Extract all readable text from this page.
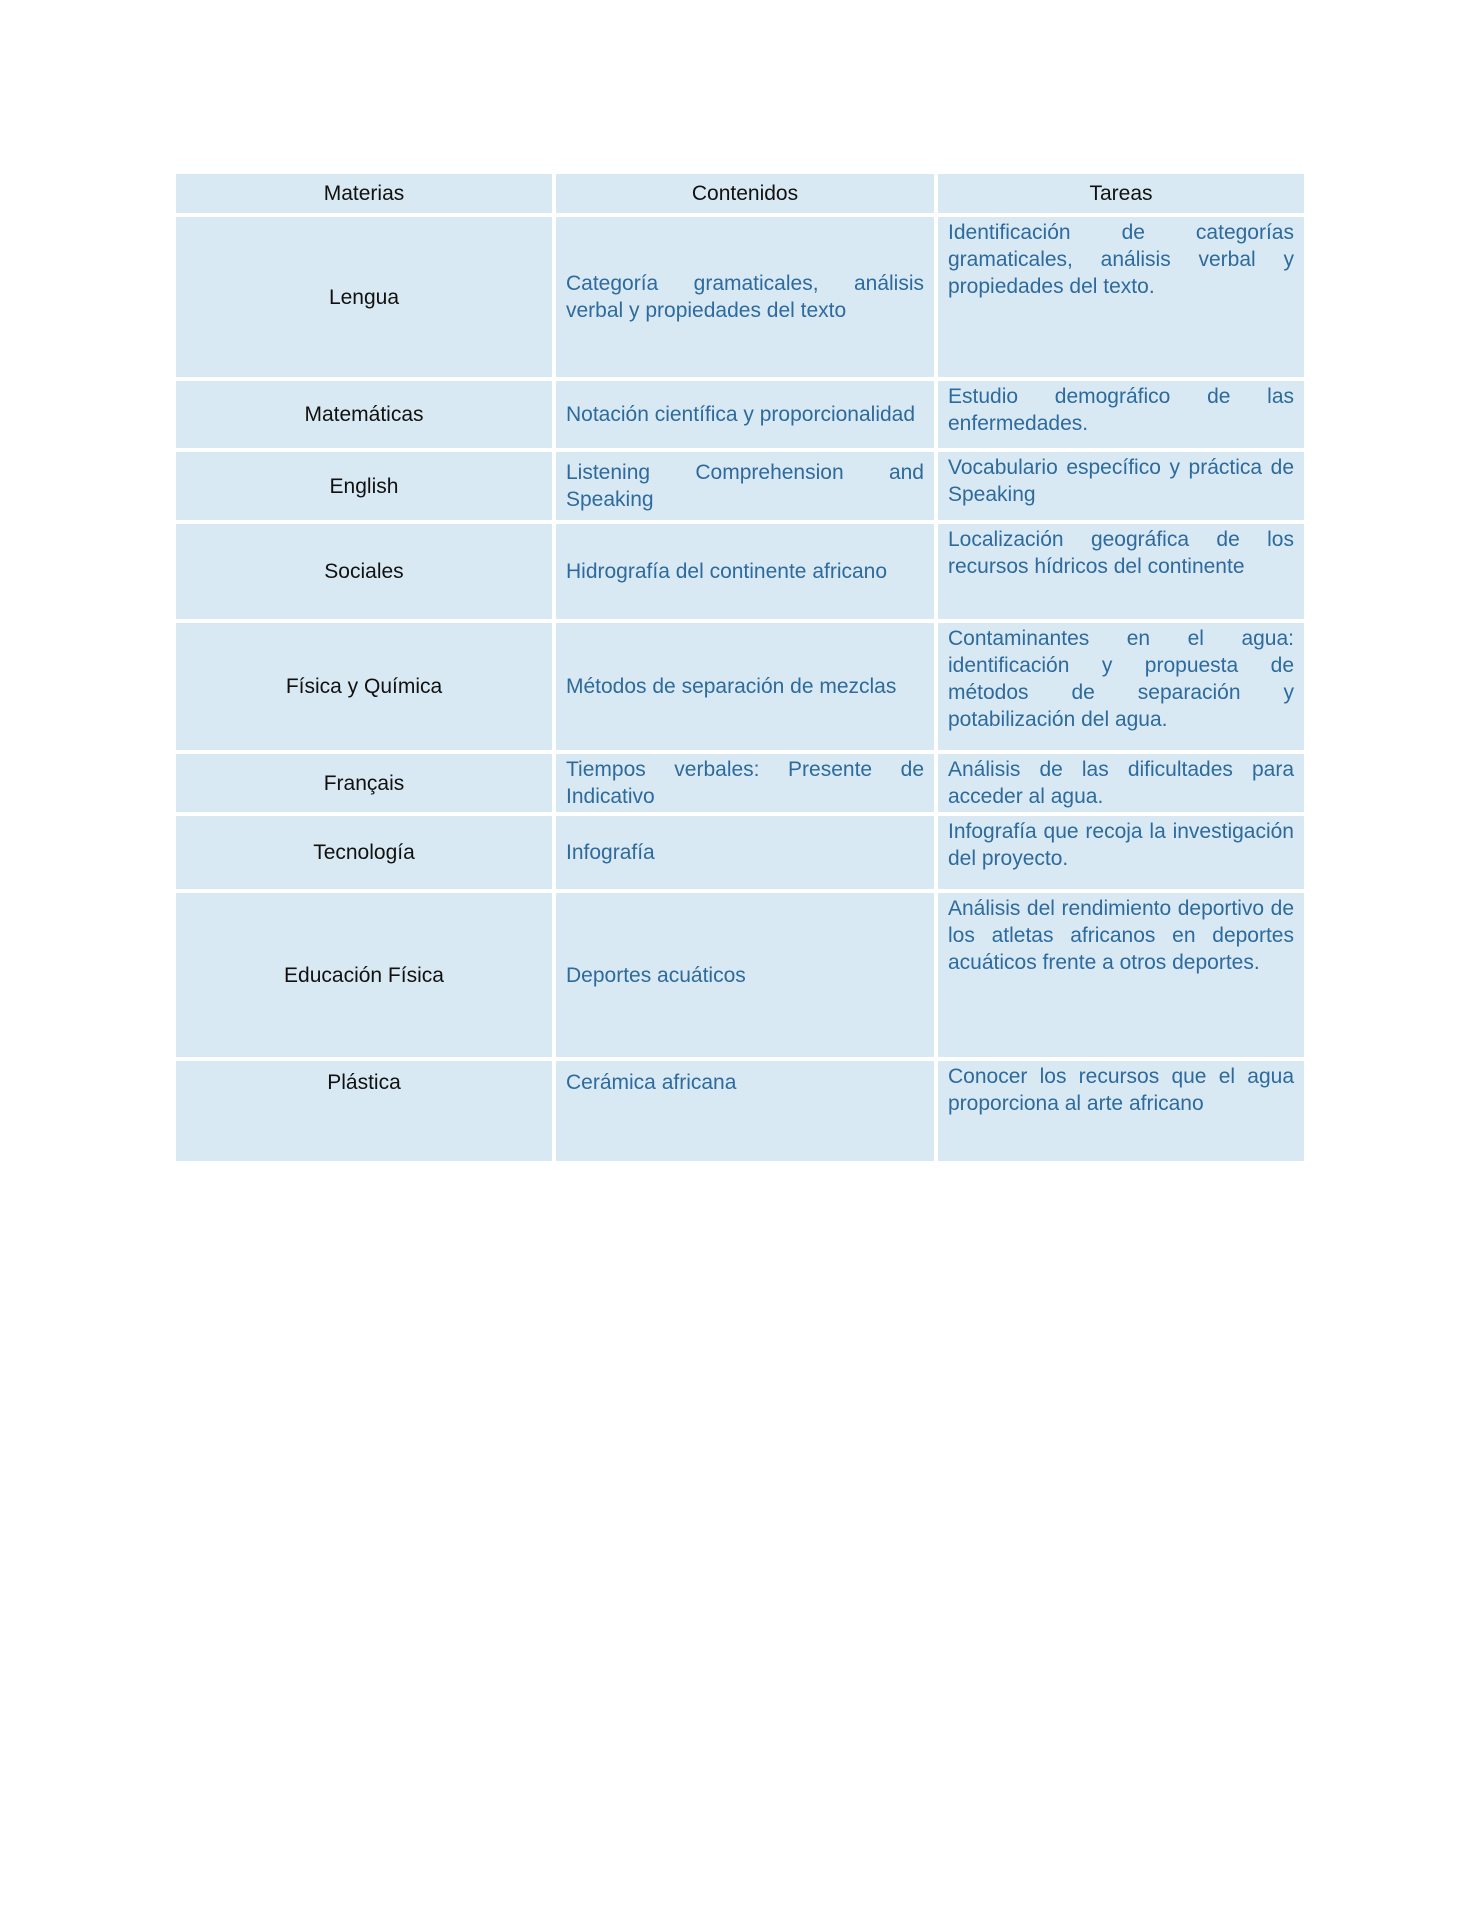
Materias	Contenidos	Tareas
Lengua	Categoría gramaticales, análisis verbal y propiedades del texto	Identificación de categorías gramaticales, análisis verbal y propiedades del texto.
Matemáticas	Notación científica y proporcionalidad	Estudio demográfico de las enfermedades.
English	Listening Comprehension and Speaking	Vocabulario específico y práctica de Speaking
Sociales	Hidrografía del continente africano	Localización geográfica de los recursos hídricos del continente
Física y Química	Métodos de separación de mezclas	Contaminantes en el agua: identificación y propuesta de métodos de separación y potabilización del agua.
Français	Tiempos verbales: Presente de Indicativo	Análisis de las dificultades para acceder al agua.
Tecnología	Infografía	Infografía que recoja la investigación del proyecto.
Educación Física	Deportes acuáticos	Análisis del rendimiento deportivo de los atletas africanos en deportes acuáticos frente a otros deportes.
Plástica	Cerámica africana	Conocer los recursos que el agua proporciona al arte africano
